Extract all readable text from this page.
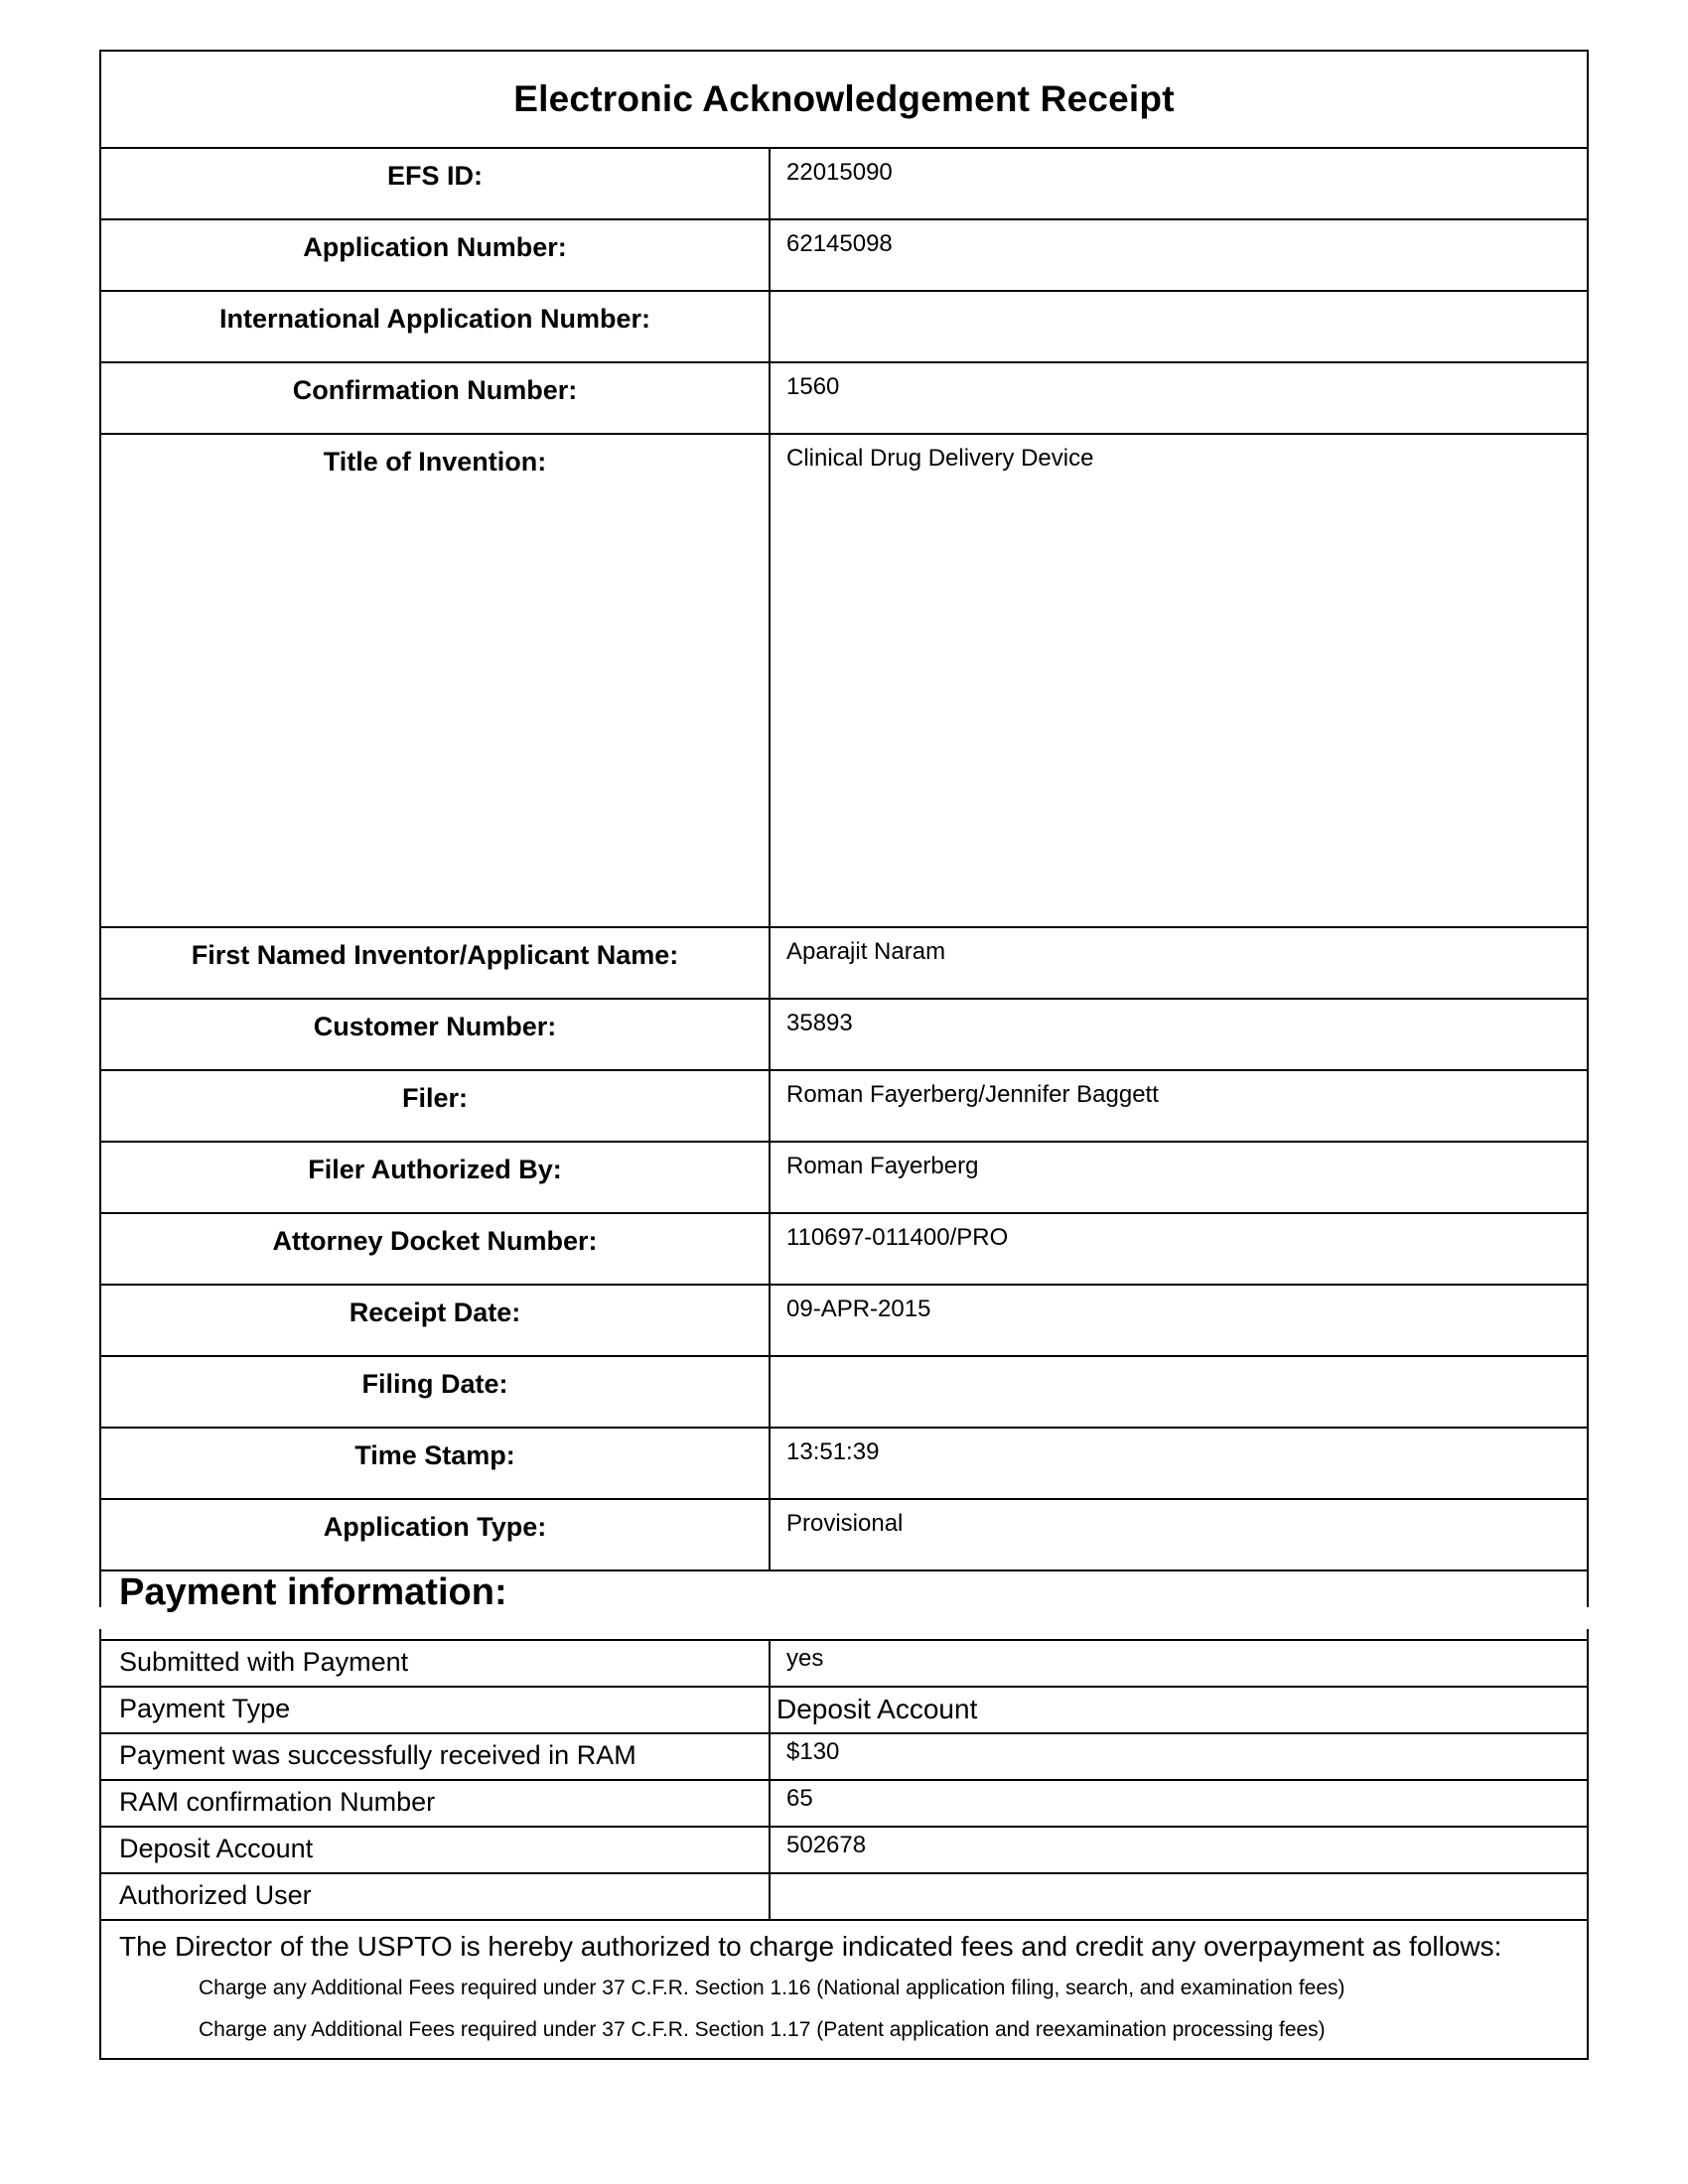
Electronic Acknowledgement Receipt
EFS ID:	22015090
Application Number:	62145098
International Application Number:
Confirmation Number:	1560
Title of Invention:	Clinical Drug Delivery Device
First Named Inventor/Applicant Name:	Aparajit Naram
Customer Number:	35893
Filer:	Roman Fayerberg/Jennifer Baggett
Filer Authorized By:	Roman Fayerberg
Attorney Docket Number:	110697-011400/PRO
Receipt Date:	09-APR-2015
Filing Date:
Time Stamp:	13:51:39
Application Type:	Provisional
Payment information:
Submitted with Payment	yes
Payment Type	Deposit Account
Payment was successfully received in RAM	$130
RAM confirmation Number	65
Deposit Account	502678
Authorized User
The Director of the USPTO is hereby authorized to charge indicated fees and credit any overpayment as follows:
Charge any Additional Fees required under 37 C.F.R. Section 1.16 (National application filing, search, and examination fees)
Charge any Additional Fees required under 37 C.F.R. Section 1.17 (Patent application and reexamination processing fees)
